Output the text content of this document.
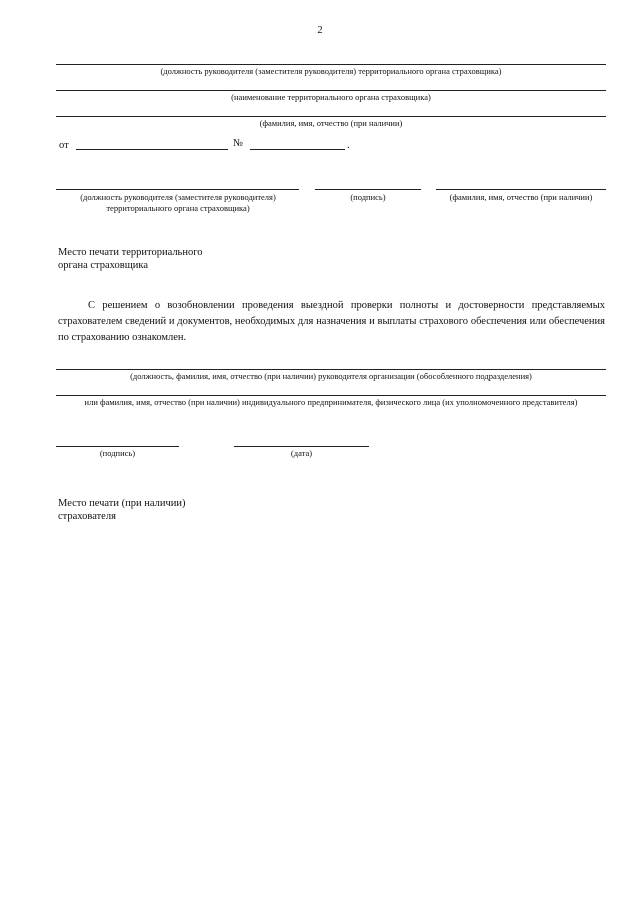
2
(должность руководителя (заместителя руководителя) территориального органа страховщика)
(наименование территориального органа страховщика)
(фамилия, имя, отчество (при наличии)
от	№	.
(должность руководителя (заместителя руководителя) территориального органа страховщика)
(подпись)	(фамилия, имя, отчество (при наличии)
Место печати территориального органа страховщика
С решением о возобновлении проведения выездной проверки полноты и достоверности представляемых страхователем сведений и документов, необходимых для назначения и выплаты страхового обеспечения или обеспечения по страхованию ознакомлен.
(должность, фамилия, имя, отчество (при наличии) руководителя организации (обособленного подразделения)
или фамилия, имя, отчество (при наличии) индивидуального предпринимателя, физического лица (их уполномоченного представителя)
(подпись)	(дата)
Место печати (при наличии) страхователя
